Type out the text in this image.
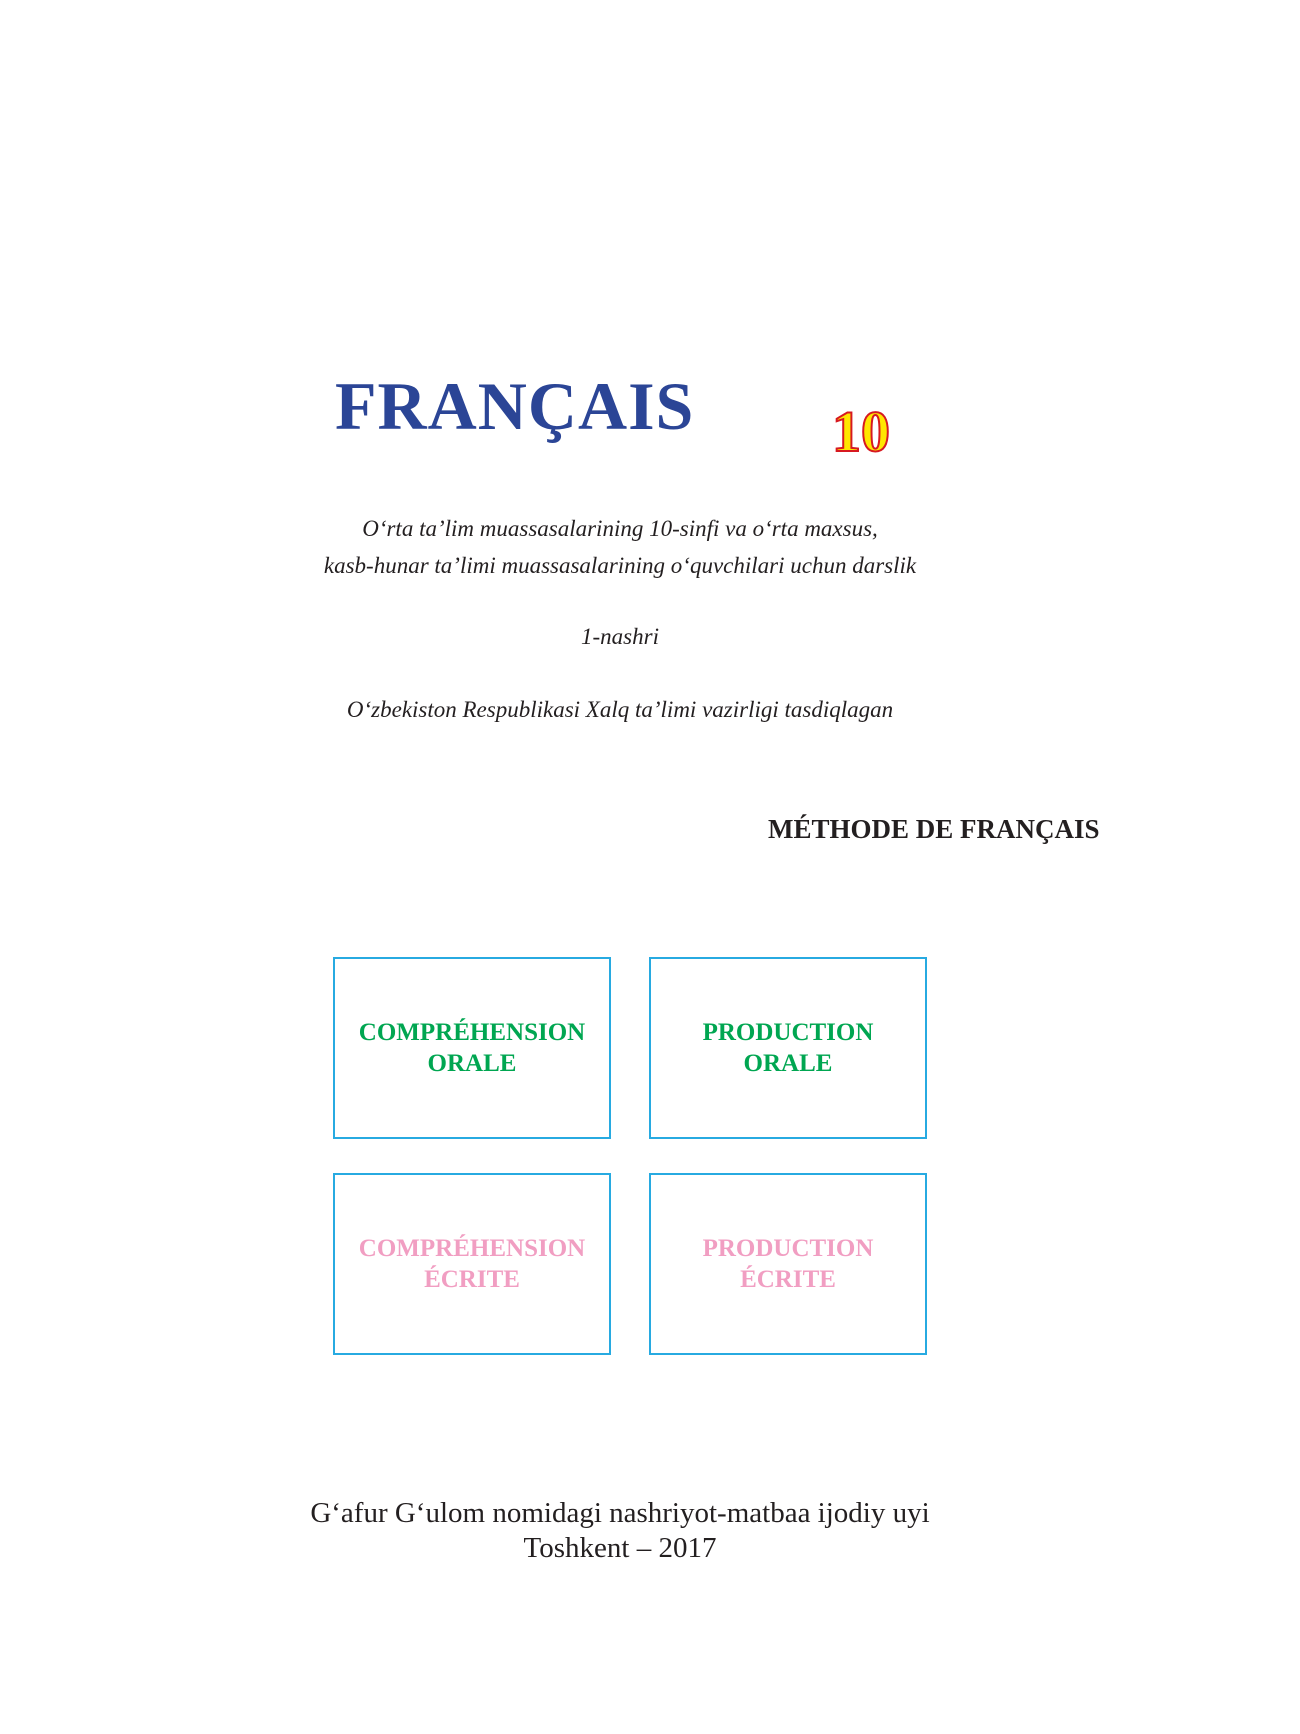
FRANÇAIS 10
O‘rta ta’lim muassasalarining 10-sinfi va o‘rta maxsus,
kasb-hunar ta’limi muassasalarining o‘quvchilari uchun darslik
1-nashri
O‘zbekiston Respublikasi Xalq ta’limi vazirligi tasdiqlagan
MÉTHODE DE FRANÇAIS
COMPRÉHENSION
ORALE
PRODUCTION
ORALE
COMPRÉHENSION
ÉCRITE
PRODUCTION
ÉCRITE
G‘afur G‘ulom nomidagi nashriyot-matbaa ijodiy uyi
Toshkent – 2017
